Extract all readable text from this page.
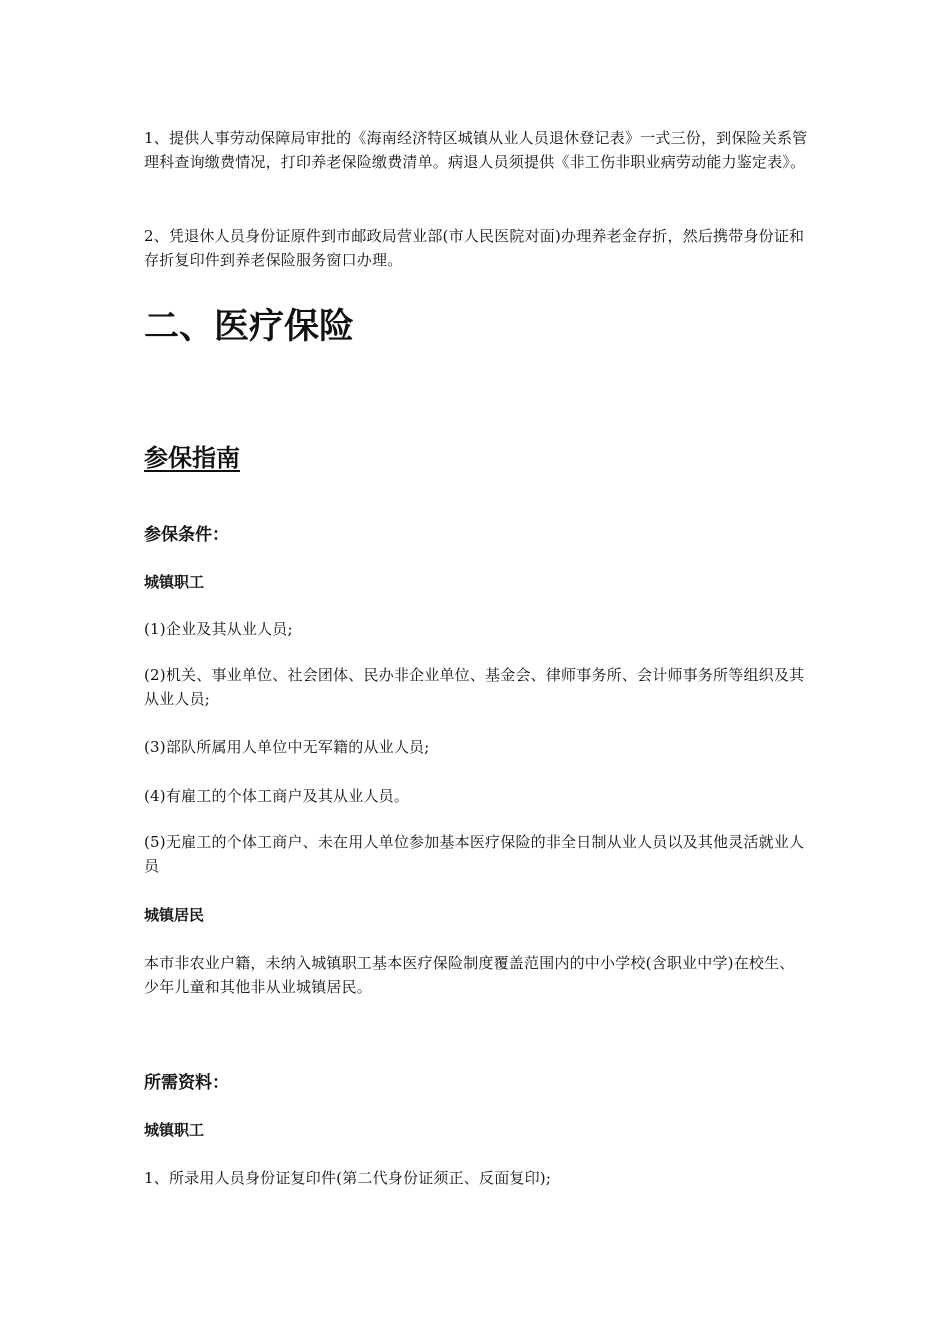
1、提供人事劳动保障局审批的《海南经济特区城镇从业人员退休登记表》一式三份，到保险关系管理科查询缴费情况，打印养老保险缴费清单。病退人员须提供《非工伤非职业病劳动能力鉴定表》。

2、凭退休人员身份证原件到市邮政局营业部(市人民医院对面)办理养老金存折，然后携带身份证和存折复印件到养老保险服务窗口办理。

二、医疗保险
参保指南
参保条件：
城镇职工

(1)企业及其从业人员;

(2)机关、事业单位、社会团体、民办非企业单位、基金会、律师事务所、会计师事务所等组织及其从业人员;

(3)部队所属用人单位中无军籍的从业人员;

(4)有雇工的个体工商户及其从业人员。

(5)无雇工的个体工商户、未在用人单位参加基本医疗保险的非全日制从业人员以及其他灵活就业人员

城镇居民

本市非农业户籍，未纳入城镇职工基本医疗保险制度覆盖范围内的中小学校(含职业中学)在校生、少年儿童和其他非从业城镇居民。

所需资料：
城镇职工

1、所录用人员身份证复印件(第二代身份证须正、反面复印);
